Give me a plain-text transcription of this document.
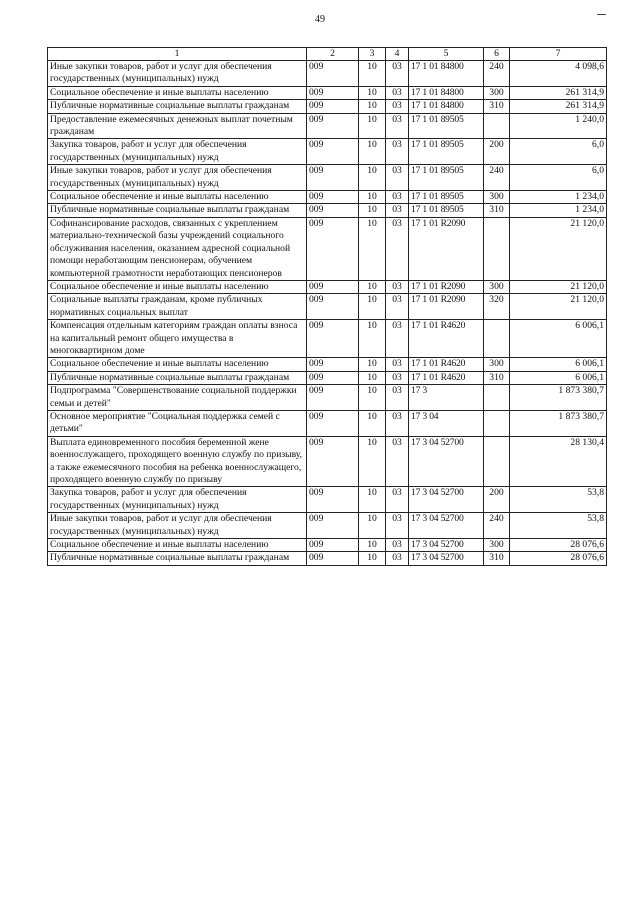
49
1	2	3	4	5	6	7
Иные закупки товаров, работ и услуг для обеспечения государственных (муниципальных) нужд	009	10	03	17 1 01 84800	240	4 098,6
Социальное обеспечение и иные выплаты населению	009	10	03	17 1 01 84800	300	261 314,9
Публичные нормативные социальные выплаты гражданам	009	10	03	17 1 01 84800	310	261 314,9
Предоставление ежемесячных денежных выплат почетным гражданам	009	10	03	17 1 01 89505		1 240,0
Закупка товаров, работ и услуг для обеспечения государственных (муниципальных) нужд	009	10	03	17 1 01 89505	200	6,0
Иные закупки товаров, работ и услуг для обеспечения государственных (муниципальных) нужд	009	10	03	17 1 01 89505	240	6,0
Социальное обеспечение и иные выплаты населению	009	10	03	17 1 01 89505	300	1 234,0
Публичные нормативные социальные выплаты гражданам	009	10	03	17 1 01 89505	310	1 234,0
Софинансирование расходов, связанных с укреплением материально-технической базы учреждений социального обслуживания населения, оказанием адресной социальной помощи неработающим пенсионерам, обучением компьютерной грамотности неработающих пенсионеров	009	10	03	17 1 01 R2090		21 120,0
Социальное обеспечение и иные выплаты населению	009	10	03	17 1 01 R2090	300	21 120,0
Социальные выплаты гражданам, кроме публичных нормативных социальных выплат	009	10	03	17 1 01 R2090	320	21 120,0
Компенсация отдельным категориям граждан оплаты взноса на капитальный ремонт общего имущества в многоквартирном доме	009	10	03	17 1 01 R4620		6 006,1
Социальное обеспечение и иные выплаты населению	009	10	03	17 1 01 R4620	300	6 006,1
Публичные нормативные социальные выплаты гражданам	009	10	03	17 1 01 R4620	310	6 006,1
Подпрограмма "Совершенствование социальной поддержки семьи и детей"	009	10	03	17 3		1 873 380,7
Основное мероприятие "Социальная поддержка семей с детьми"	009	10	03	17 3 04		1 873 380,7
Выплата единовременного пособия беременной жене военнослужащего, проходящего военную службу по призыву, а также ежемесячного пособия на ребенка военнослужащего, проходящего военную службу по призыву	009	10	03	17 3 04 52700		28 130,4
Закупка товаров, работ и услуг для обеспечения государственных (муниципальных) нужд	009	10	03	17 3 04 52700	200	53,8
Иные закупки товаров, работ и услуг для обеспечения государственных (муниципальных) нужд	009	10	03	17 3 04 52700	240	53,8
Социальное обеспечение и иные выплаты населению	009	10	03	17 3 04 52700	300	28 076,6
Публичные нормативные социальные выплаты гражданам	009	10	03	17 3 04 52700	310	28 076,6
